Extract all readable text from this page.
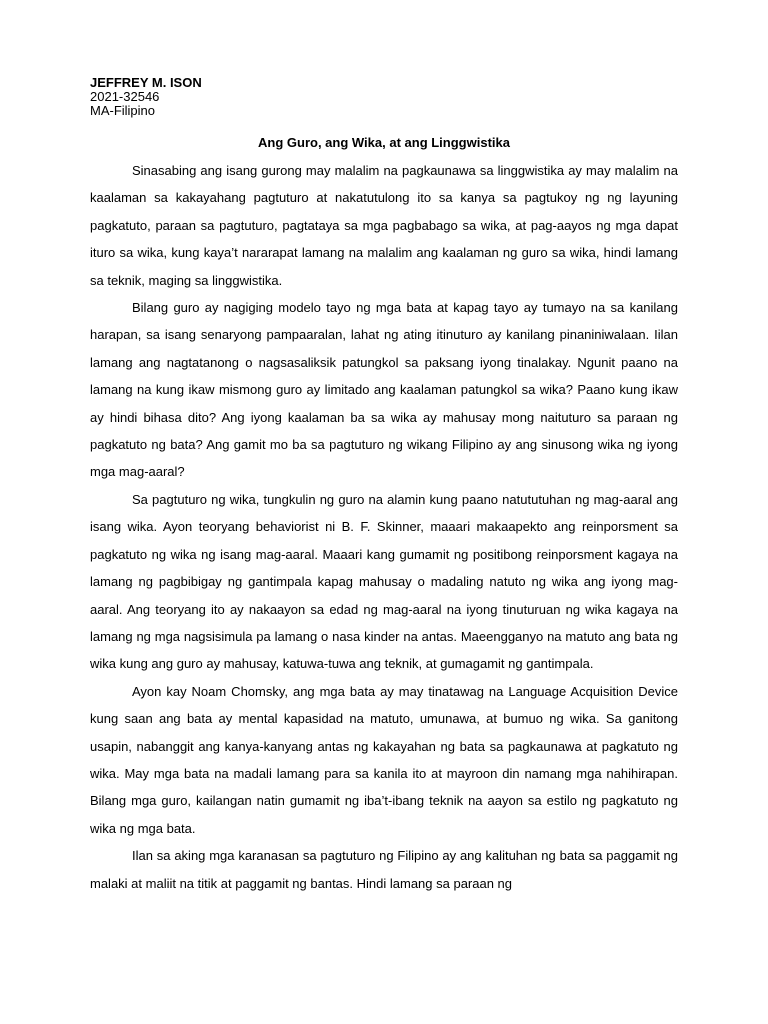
JEFFREY M. ISON
2021-32546
MA-Filipino
Ang Guro, ang Wika, at ang Linggwistika

Sinasabing ang isang gurong may malalim na pagkaunawa sa linggwistika ay may malalim na kaalaman sa kakayahang pagtuturo at nakatutulong ito sa kanya sa pagtukoy ng ng layuning pagkatuto, paraan sa pagtuturo, pagtataya sa mga pagbabago sa wika, at pag-aayos ng mga dapat ituro sa wika, kung kaya’t nararapat lamang na malalim ang kaalaman ng guro sa wika, hindi lamang sa teknik, maging sa linggwistika.

Bilang guro ay nagiging modelo tayo ng mga bata at kapag tayo ay tumayo na sa kanilang harapan, sa isang senaryong pampaaralan, lahat ng ating itinuturo ay kanilang pinaniniwalaan. Iilan lamang ang nagtatanong o nagsasaliksik patungkol sa paksang iyong tinalakay. Ngunit paano na lamang na kung ikaw mismong guro ay limitado ang kaalaman patungkol sa wika? Paano kung ikaw ay hindi bihasa dito? Ang iyong kaalaman ba sa wika ay mahusay mong naituturo sa paraan ng pagkatuto ng bata? Ang gamit mo ba sa pagtuturo ng wikang Filipino ay ang sinusong wika ng iyong mga mag-aaral?

Sa pagtuturo ng wika, tungkulin ng guro na alamin kung paano natututuhan ng mag-aaral ang isang wika. Ayon teoryang behaviorist ni B. F. Skinner, maaari makaapekto ang reinporsment sa pagkatuto ng wika ng isang mag-aaral. Maaari kang gumamit ng positibong reinporsment kagaya na lamang ng pagbibigay ng gantimpala kapag mahusay o madaling natuto ng wika ang iyong mag-aaral. Ang teoryang ito ay nakaayon sa edad ng mag-aaral na iyong tinuturuan ng wika kagaya na lamang ng mga nagsisimula pa lamang o nasa kinder na antas. Maeengganyo na matuto ang bata ng wika kung ang guro ay mahusay, katuwa-tuwa ang teknik, at gumagamit ng gantimpala.

Ayon kay Noam Chomsky, ang mga bata ay may tinatawag na Language Acquisition Device kung saan ang bata ay mental kapasidad na matuto, umunawa, at bumuo ng wika. Sa ganitong usapin, nabanggit ang kanya-kanyang antas ng kakayahan ng bata sa pagkaunawa at pagkatuto ng wika. May mga bata na madali lamang para sa kanila ito at mayroon din namang mga nahihirapan. Bilang mga guro, kailangan natin gumamit ng iba’t-ibang teknik na aayon sa estilo ng pagkatuto ng wika ng mga bata.

Ilan sa aking mga karanasan sa pagtuturo ng Filipino ay ang kalituhan ng bata sa paggamit ng malaki at maliit na titik at paggamit ng bantas. Hindi lamang sa paraan ng
